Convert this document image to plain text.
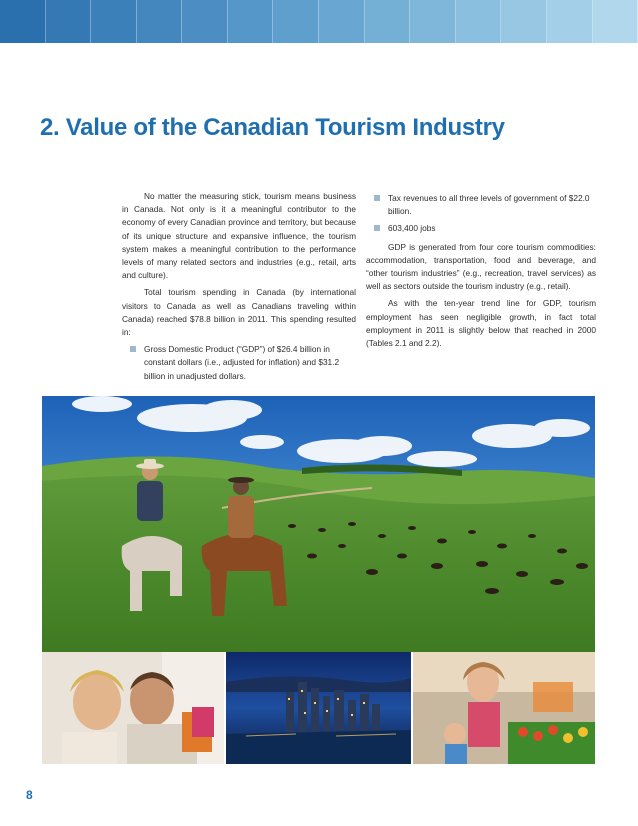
2. Value of the Canadian Tourism Industry

No matter the measuring stick, tourism means business in Canada. Not only is it a meaningful contributor to the economy of every Canadian province and territory, but because of its unique structure and expansive influence, the tourism system makes a meaningful contribution to the performance levels of many related sectors and industries (e.g., retail, arts and culture).

Total tourism spending in Canada (by international visitors to Canada as well as Canadians traveling within Canada) reached $78.8 billion in 2011. This spending resulted in:

Gross Domestic Product (“GDP”) of $26.4 billion in constant dollars (i.e., adjusted for inflation) and $31.2 billion in unadjusted dollars.
Tax revenues to all three levels of government of $22.0 billion.
603,400 jobs

GDP is generated from four core tourism commodities: accommodation, transportation, food and beverage, and “other tourism industries” (e.g., recreation, travel services) as well as sectors outside the tourism industry (e.g., retail).

As with the ten-year trend line for GDP, tourism employment has seen negligible growth, in fact total employment in 2011 is slightly below that reached in 2000 (Tables 2.1 and 2.2).

8
